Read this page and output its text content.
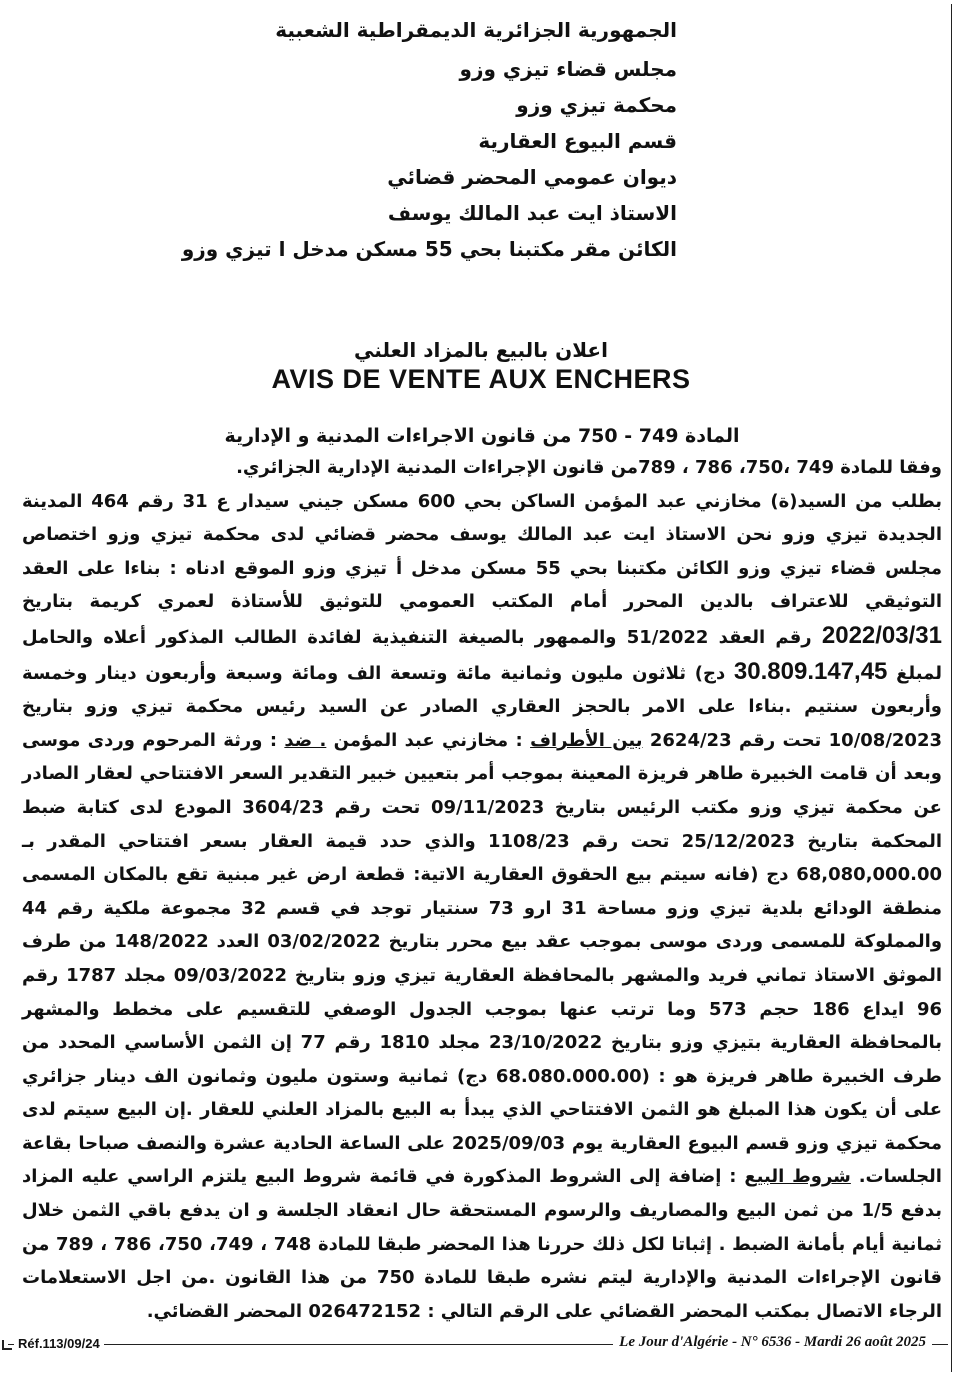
الجمهورية الجزائرية الديمقراطية الشعبية
مجلس قضاء تيزي وزو
محكمة تيزي وزو
قسم البيوع العقارية
ديوان عمومي المحضر قضائي
الاستاذ ايت عبد المالك يوسف
الكائن مقر مكتبنا بحي 55 مسكن مدخل ا تيزي وزو
اعلان بالبيع بالمزاد العلني
AVIS DE VENTE AUX ENCHERS
المادة 749 - 750 من قانون الاجراءات المدنية و الإدارية

وفقا للمادة 749 ،750، 786 ، 789من قانون الإجراءات المدنية الإدارية الجزائري.

بطلب من السيد(ة) مخازني عبد المؤمن الساكن بحي 600 مسكن جيني سيدار ع 31 رقم 464 المدينة الجديدة تيزي وزو نحن الاستاذ ايت عبد المالك يوسف محضر قضائي لدى محكمة تيزي وزو اختصاص مجلس قضاء تيزي وزو الكائن مكتبنا بحي 55 مسكن مدخل أ تيزي وزو الموقع ادناه : بناءا على العقد التوثيقي للاعتراف بالدين المحرر أمام المكتب العمومي للتوثيق للأستاذة لعمري كريمة بتاريخ 2022/03/31 رقم العقد 51/2022 والممهور بالصيغة التنفيذية لفائدة الطالب المذكور أعلاه والحامل لمبلغ 30.809.147,45 دج) ثلاثون مليون وثمانية مائة وتسعة الف ومائة وسبعة وأربعون دينار وخمسة وأربعون سنتيم .بناءا على الامر بالحجز العقاري الصادر عن السيد رئيس محكمة تيزي وزو بتاريخ 10/08/2023 تحت رقم 2624/23 بين الأطراف : مخازني عبد المؤمن . ضد : ورثة المرحوم وردى موسى وبعد أن قامت الخبيرة طاهر فريزة المعينة بموجب أمر بتعيين خبير التقدير السعر الافتتاحي لعقار الصادر عن محكمة تيزي وزو مكتب الرئيس بتاريخ 09/11/2023 تحت رقم 3604/23 المودع لدى كتابة ضبط المحكمة بتاريخ 25/12/2023 تحت رقم 1108/23 والذي حدد قيمة العقار بسعر افتتاحي المقدر بـ 68,080,000.00 دج (فانه سيتم بيع الحقوق العقارية الاتية: قطعة ارض غير مبنية تقع بالمكان المسمى منطقة الودائع بلدية تيزي وزو مساحة 31 ارو 73 سنتيار توجد في قسم 32 مجموعة ملكية رقم 44 والمملوكة للمسمى وردى موسى بموجب عقد بيع محرر بتاريخ 03/02/2022 العدد 148/2022 من طرف الموثق الاستاذ تماني فريد والمشهر بالمحافظة العقارية تيزي وزو بتاريخ 09/03/2022 مجلد 1787 رقم 96 ايداع 186 حجم 573 وما ترتب عنها بموجب الجدول الوصفي للتقسيم على مخطط والمشهر بالمحافظة العقارية بتيزي وزو بتاريخ 23/10/2022 مجلد 1810 رقم 77 إن الثمن الأساسي المحدد من طرف الخبيرة طاهر فريزة هو : (68.080.000.00 دج) ثمانية وستون مليون وثمانون الف دينار جزائري على أن يكون هذا المبلغ هو الثمن الافتتاحي الذي يبدأ به البيع بالمزاد العلني للعقار .إن البيع سيتم لدى محكمة تيزي وزو قسم البيوع العقارية يوم 2025/09/03 على الساعة الحادية عشرة والنصف صباحا بقاعة الجلسات. شروط البيع : إضافة إلى الشروط المذكورة في قائمة شروط البيع يلتزم الراسي عليه المزاد بدفع 1/5 من ثمن البيع والمصاريف والرسوم المستحقة حال انعقاد الجلسة و ان يدفع باقي الثمن خلال ثمانية أيام بأمانة الضبط . إثباتا لكل ذلك حررنا هذا المحضر طبقا للمادة 748 ، 749، 750، 786 ، 789 من قانون الإجراءات المدنية والإدارية ليتم نشره طبقا للمادة 750 من هذا القانون .من اجل الاستعلامات الرجاء الاتصال بمكتب المحضر القضائي على الرقم التالي : 026472152 المحضر القضائي.

Réf.113/09/24	Le Jour d'Algérie - N° 6536 - Mardi 26 août 2025
